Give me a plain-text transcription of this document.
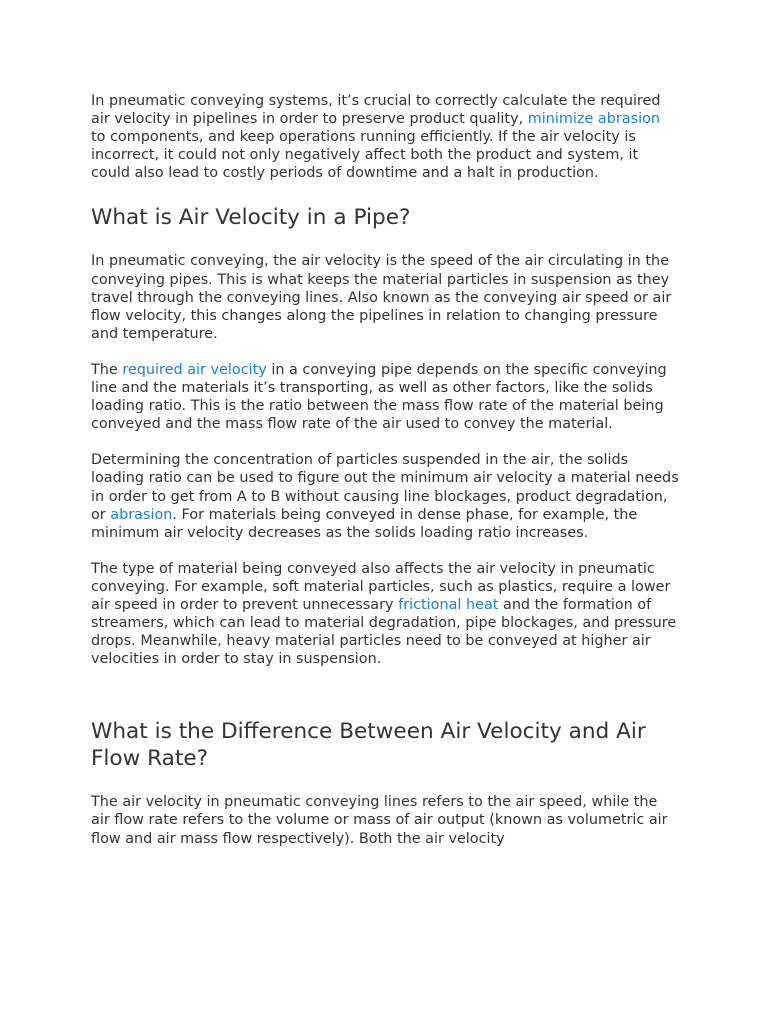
In pneumatic conveying systems, it’s crucial to correctly calculate the required air velocity in pipelines in order to preserve product quality, minimize abrasion to components, and keep operations running efficiently. If the air velocity is incorrect, it could not only negatively affect both the product and system, it could also lead to costly periods of downtime and a halt in production.

What is Air Velocity in a Pipe?

In pneumatic conveying, the air velocity is the speed of the air circulating in the conveying pipes. This is what keeps the material particles in suspension as they travel through the conveying lines. Also known as the conveying air speed or air flow velocity, this changes along the pipelines in relation to changing pressure and temperature.

The required air velocity in a conveying pipe depends on the specific conveying line and the materials it’s transporting, as well as other factors, like the solids loading ratio. This is the ratio between the mass flow rate of the material being conveyed and the mass flow rate of the air used to convey the material.

Determining the concentration of particles suspended in the air, the solids loading ratio can be used to figure out the minimum air velocity a material needs in order to get from A to B without causing line blockages, product degradation, or abrasion. For materials being conveyed in dense phase, for example, the minimum air velocity decreases as the solids loading ratio increases.

The type of material being conveyed also affects the air velocity in pneumatic conveying. For example, soft material particles, such as plastics, require a lower air speed in order to prevent unnecessary frictional heat and the formation of streamers, which can lead to material degradation, pipe blockages, and pressure drops. Meanwhile, heavy material particles need to be conveyed at higher air velocities in order to stay in suspension.

What is the Difference Between Air Velocity and Air Flow Rate?

The air velocity in pneumatic conveying lines refers to the air speed, while the air flow rate refers to the volume or mass of air output (known as volumetric air flow and air mass flow respectively). Both the air velocity
